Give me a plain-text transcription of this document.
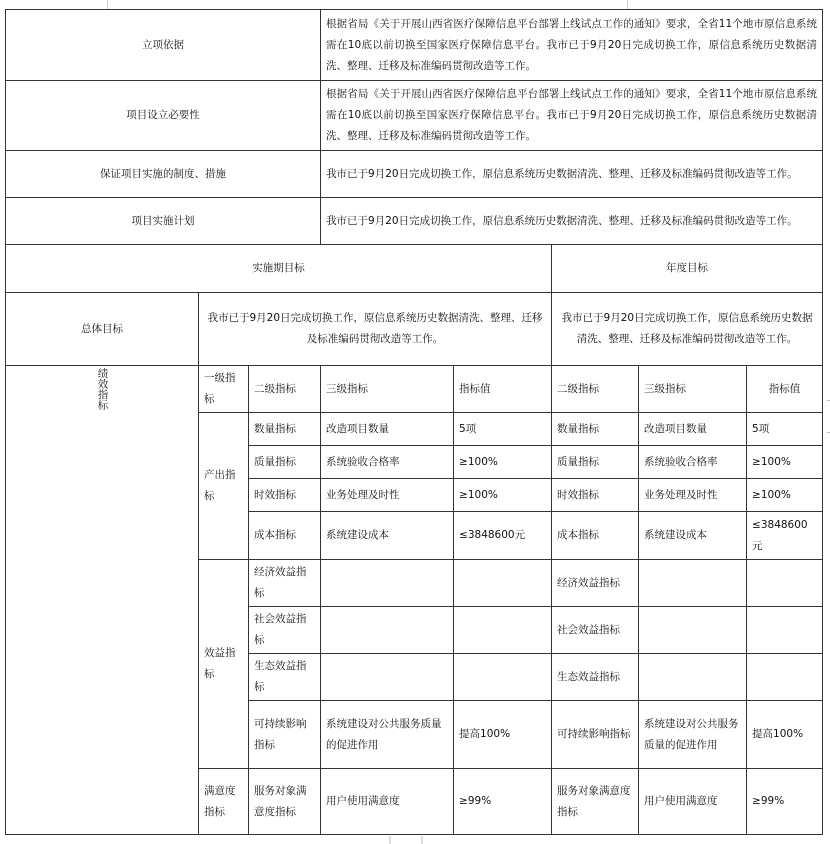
立项依据			根据省局《关于开展山西省医疗保障信息平台部署上线试点工作的通知》要求，全省11个地市原信息系统需在10底以前切换至国家医疗保障信息平台。我市已于9月20日完成切换工作，原信息系统历史数据清洗、整理、迁移及标准编码贯彻改造等工作。				
项目设立必要性			根据省局《关于开展山西省医疗保障信息平台部署上线试点工作的通知》要求，全省11个地市原信息系统需在10底以前切换至国家医疗保障信息平台。我市已于9月20日完成切换工作，原信息系统历史数据清洗、整理、迁移及标准编码贯彻改造等工作。				
保证项目实施的制度、措施			我市已于9月20日完成切换工作，原信息系统历史数据清洗、整理、迁移及标准编码贯彻改造等工作。				
项目实施计划			我市已于9月20日完成切换工作，原信息系统历史数据清洗、整理、迁移及标准编码贯彻改造等工作。				
实施期目标					年度目标		
总体目标	我市已于9月20日完成切换工作，原信息系统历史数据清洗、整理、迁移及标准编码贯彻改造等工作。				我市已于9月20日完成切换工作，原信息系统历史数据清洗、整理、迁移及标准编码贯彻改造等工作。		
绩效指标	一级指标	二级指标	三级指标	指标值	二级指标	三级指标	指标值
	产出指标	数量指标	改造项目数量	5项	数量指标	改造项目数量	5项
		质量指标	系统验收合格率	≥100%	质量指标	系统验收合格率	≥100%
		时效指标	业务处理及时性	≥100%	时效指标	业务处理及时性	≥100%
		成本指标	系统建设成本	≤3848600元	成本指标	系统建设成本	≤3848600元
	效益指标	经济效益指标			经济效益指标		
		社会效益指标			社会效益指标		
		生态效益指标			生态效益指标		
		可持续影响指标	系统建设对公共服务质量的促进作用	提高100%	可持续影响指标	系统建设对公共服务质量的促进作用	提高100%
	满意度指标	服务对象满意度指标	用户使用满意度	≥99%	服务对象满意度指标	用户使用满意度	≥99%
